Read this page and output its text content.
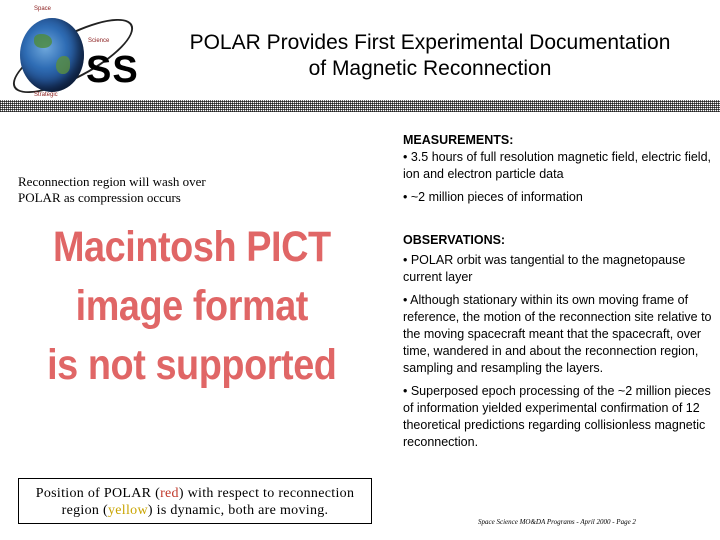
Space
Science
Strategic
SS
POLAR Provides First Experimental Documentation of Magnetic Reconnection
Reconnection region will wash over POLAR as compression occurs
Macintosh PICT
image format
is not supported
Position of POLAR (red) with respect to reconnection region (yellow) is dynamic, both are moving.
MEASUREMENTS:
• 3.5 hours of full resolution magnetic field, electric field, ion and electron particle data
• ~2 million pieces of information
OBSERVATIONS:
• POLAR orbit was tangential to the magnetopause current layer
• Although stationary within its own moving frame of reference, the motion of the reconnection site relative to the moving spacecraft meant that the spacecraft, over time, wandered in and about the reconnection region, sampling and resampling the layers.
• Superposed epoch processing of the ~2 million pieces of information yielded experimental confirmation of 12 theoretical predictions regarding collisionless magnetic reconnection.
Space Science MO&DA Programs - April 2000 - Page 2
